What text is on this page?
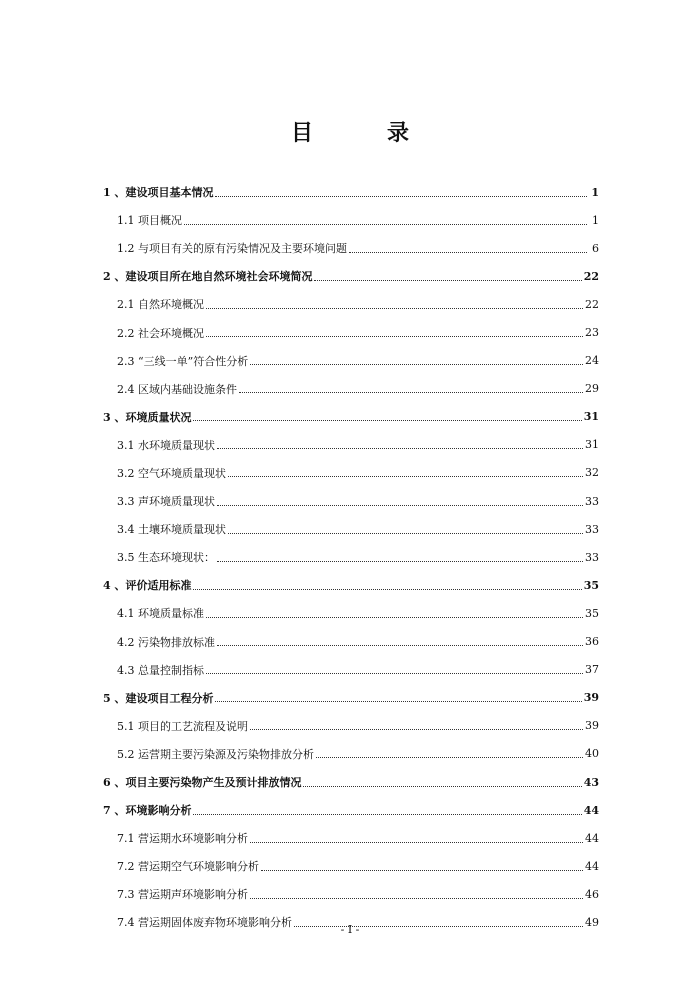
目　录
1 、建设项目基本情况	1
1.1 项目概况	1
1.2 与项目有关的原有污染情况及主要环境问题	6
2 、建设项目所在地自然环境社会环境简况	22
2.1 自然环境概况	22
2.2 社会环境概况	23
2.3 “三线一单”符合性分析	24
2.4 区域内基础设施条件	29
3 、环境质量状况	31
3.1 水环境质量现状	31
3.2 空气环境质量现状	32
3.3 声环境质量现状	33
3.4 土壤环境质量现状	33
3.5 生态环境现状：	33
4 、评价适用标准	35
4.1 环境质量标准	35
4.2 污染物排放标准	36
4.3 总量控制指标	37
5 、建设项目工程分析	39
5.1 项目的工艺流程及说明	39
5.2 运营期主要污染源及污染物排放分析	40
6 、项目主要污染物产生及预计排放情况	43
7 、环境影响分析	44
7.1 营运期水环境影响分析	44
7.2 营运期空气环境影响分析	44
7.3 营运期声环境影响分析	46
7.4 营运期固体废弃物环境影响分析	49
- I -
